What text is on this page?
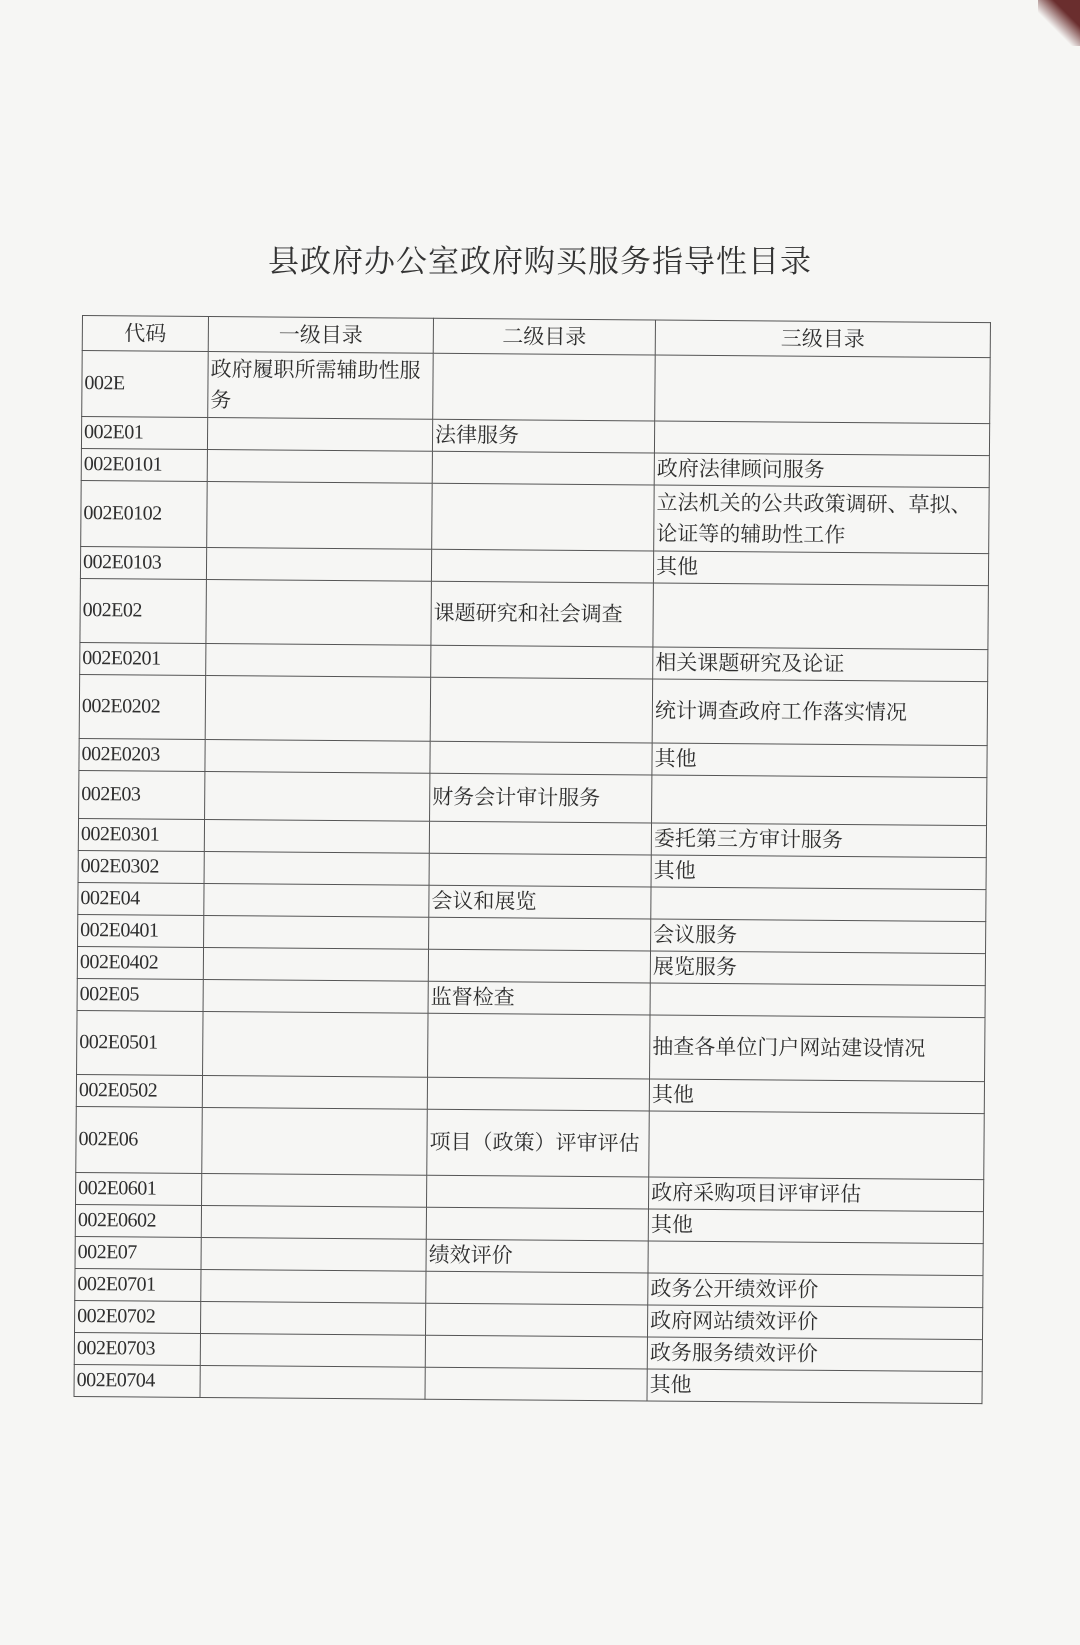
县政府办公室政府购买服务指导性目录
代码	一级目录	二级目录	三级目录
002E	政府履职所需辅助性服务		
002E01		法律服务	
002E0101			政府法律顾问服务
002E0102			立法机关的公共政策调研、草拟、论证等的辅助性工作
002E0103			其他
002E02		课题研究和社会调查	
002E0201			相关课题研究及论证
002E0202			统计调查政府工作落实情况
002E0203			其他
002E03		财务会计审计服务	
002E0301			委托第三方审计服务
002E0302			其他
002E04		会议和展览	
002E0401			会议服务
002E0402			展览服务
002E05		监督检查	
002E0501			抽查各单位门户网站建设情况
002E0502			其他
002E06		项目（政策）评审评估	
002E0601			政府采购项目评审评估
002E0602			其他
002E07		绩效评价	
002E0701			政务公开绩效评价
002E0702			政府网站绩效评价
002E0703			政务服务绩效评价
002E0704			其他
